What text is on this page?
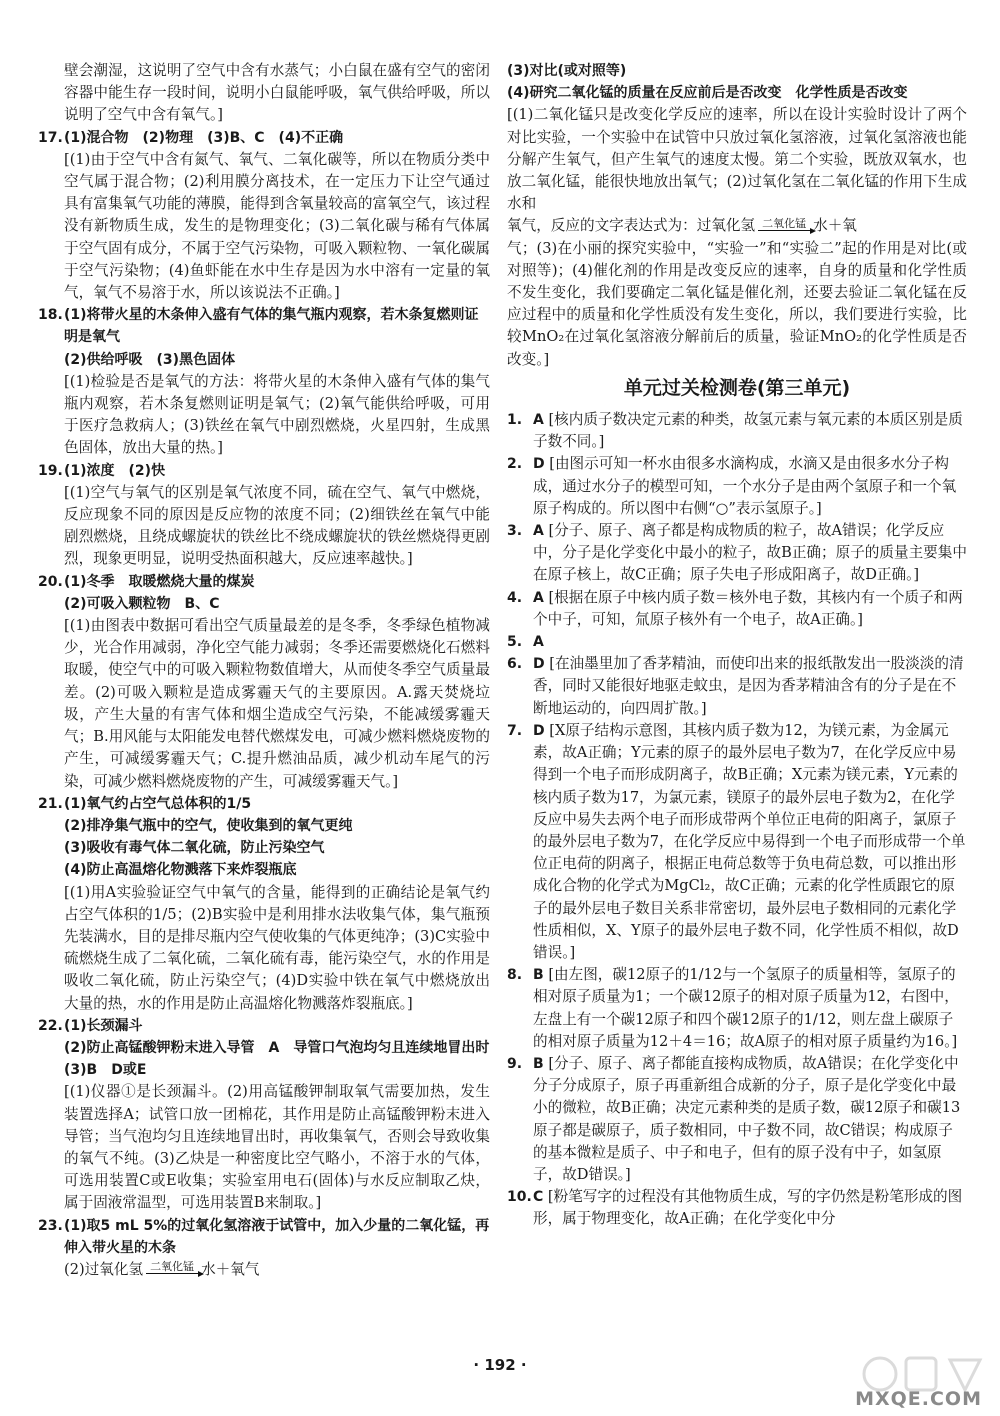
壁会潮湿，这说明了空气中含有水蒸气；小白鼠在盛有空气的密闭容器中能生存一段时间，说明小白鼠能呼吸，氧气供给呼吸，所以说明了空气中含有氧气。]

17. (1)混合物　(2)物理　(3)B、C　(4)不正确

[(1)由于空气中含有氮气、氧气、二氧化碳等，所以在物质分类中空气属于混合物；(2)利用膜分离技术，在一定压力下让空气通过具有富集氧气功能的薄膜，能得到含氧量较高的富氧空气，该过程没有新物质生成，发生的是物理变化；(3)二氧化碳与稀有气体属于空气固有成分，不属于空气污染物，可吸入颗粒物、一氧化碳属于空气污染物；(4)鱼虾能在水中生存是因为水中溶有一定量的氧气，氧气不易溶于水，所以该说法不正确。]

18. (1)将带火星的木条伸入盛有气体的集气瓶内观察，若木条复燃则证明是氧气
(2)供给呼吸　(3)黑色固体

[(1)检验是否是氧气的方法：将带火星的木条伸入盛有气体的集气瓶内观察，若木条复燃则证明是氧气；(2)氧气能供给呼吸，可用于医疗急救病人；(3)铁丝在氧气中剧烈燃烧，火星四射，生成黑色固体，放出大量的热。]

19. (1)浓度　(2)快

[(1)空气与氧气的区别是氧气浓度不同，硫在空气、氧气中燃烧，反应现象不同的原因是反应物的浓度不同；(2)细铁丝在氧气中能剧烈燃烧，且绕成螺旋状的铁丝比不绕成螺旋状的铁丝燃烧得更剧烈，现象更明显，说明受热面积越大，反应速率越快。]

20. (1)冬季　取暖燃烧大量的煤炭
(2)可吸入颗粒物　B、C

[(1)由图表中数据可看出空气质量最差的是冬季，冬季绿色植物减少，光合作用减弱，净化空气能力减弱；冬季还需要燃烧化石燃料取暖，使空气中的可吸入颗粒物数值增大，从而使冬季空气质量最差。(2)可吸入颗粒是造成雾霾天气的主要原因。A.露天焚烧垃圾，产生大量的有害气体和烟尘造成空气污染，不能减缓雾霾天气；B.用风能与太阳能发电替代燃煤发电，可减少燃料燃烧废物的产生，可减缓雾霾天气；C.提升燃油品质，减少机动车尾气的污染，可减少燃料燃烧废物的产生，可减缓雾霾天气。]

21. (1)氧气约占空气总体积的1/5
(2)排净集气瓶中的空气，使收集到的氧气更纯
(3)吸收有毒气体二氧化硫，防止污染空气
(4)防止高温熔化物溅落下来炸裂瓶底

[(1)用A实验验证空气中氧气的含量，能得到的正确结论是氧气约占空气体积的1/5；(2)B实验中是利用排水法收集气体，集气瓶预先装满水，目的是排尽瓶内空气使收集的气体更纯净；(3)C实验中硫燃烧生成了二氧化硫，二氧化硫有毒，能污染空气，水的作用是吸收二氧化硫，防止污染空气；(4)D实验中铁在氧气中燃烧放出大量的热，水的作用是防止高温熔化物溅落炸裂瓶底。]

22. (1)长颈漏斗
(2)防止高锰酸钾粉末进入导管　A　导管口气泡均匀且连续地冒出时
(3)B　D或E

[(1)仪器①是长颈漏斗。(2)用高锰酸钾制取氧气需要加热，发生装置选择A；试管口放一团棉花，其作用是防止高锰酸钾粉末进入导管；当气泡均匀且连续地冒出时，再收集氧气，否则会导致收集的氧气不纯。(3)乙炔是一种密度比空气略小，不溶于水的气体，可选用装置C或E收集；实验室用电石(固体)与水反应制取乙炔，属于固液常温型，可选用装置B来制取。]

23. (1)取5 mL 5%的过氧化氢溶液于试管中，加入少量的二氧化锰，再伸入带火星的木条
(2)过氧化氢 二氧化锰 水＋氧气
(3)对比(或对照等)
(4)研究二氧化锰的质量在反应前后是否改变　化学性质是否改变

[(1)二氧化锰只是改变化学反应的速率，所以在设计实验时设计了两个对比实验，一个实验中在试管中只放过氧化氢溶液，过氧化氢溶液也能分解产生氧气，但产生氧气的速度太慢。第二个实验，既放双氧水，也放二氧化锰，能很快地放出氧气；(2)过氧化氢在二氧化锰的作用下生成水和

氧气，反应的文字表达式为：过氧化氢 二氧化锰 水＋氧

气；(3)在小丽的探究实验中，“实验一”和“实验二”起的作用是对比(或对照等)；(4)催化剂的作用是改变反应的速率，自身的质量和化学性质不发生变化，我们要确定二氧化锰是催化剂，还要去验证二氧化锰在反应过程中的质量和化学性质没有发生变化，所以，我们要进行实验，比较MnO₂在过氧化氢溶液分解前后的质量，验证MnO₂的化学性质是否改变。]

单元过关检测卷(第三单元)
1. A [核内质子数决定元素的种类，故氢元素与氧元素的本质区别是质子数不同。]
2. D [由图示可知一杯水由很多水滴构成，水滴又是由很多水分子构成，通过水分子的模型可知，一个水分子是由两个氢原子和一个氧原子构成的。所以图中右侧“○”表示氢原子。]
3. A [分子、原子、离子都是构成物质的粒子，故A错误；化学反应中，分子是化学变化中最小的粒子，故B正确；原子的质量主要集中在原子核上，故C正确；原子失电子形成阳离子，故D正确。]
4. A [根据在原子中核内质子数＝核外电子数，其核内有一个质子和两个中子，可知，氚原子核外有一个电子，故A正确。]
5. A
6. D [在油墨里加了香茅精油，而使印出来的报纸散发出一股淡淡的清香，同时又能很好地驱走蚊虫，是因为香茅精油含有的分子是在不断地运动的，向四周扩散。]
7. D [X原子结构示意图，其核内质子数为12，为镁元素，为金属元素，故A正确；Y元素的原子的最外层电子数为7，在化学反应中易得到一个电子而形成阴离子，故B正确；X元素为镁元素，Y元素的核内质子数为17，为氯元素，镁原子的最外层电子数为2，在化学反应中易失去两个电子而形成带两个单位正电荷的阳离子，氯原子的最外层电子数为7，在化学反应中易得到一个电子而形成带一个单位正电荷的阴离子，根据正电荷总数等于负电荷总数，可以推出形成化合物的化学式为MgCl₂，故C正确；元素的化学性质跟它的原子的最外层电子数目关系非常密切，最外层电子数相同的元素化学性质相似，X、Y原子的最外层电子数不同，化学性质不相似，故D错误。]
8. B [由左图，碳12原子的1/12与一个氢原子的质量相等，氢原子的相对原子质量为1；一个碳12原子的相对原子质量为12，右图中，左盘上有一个碳12原子和四个碳12原子的1/12，则左盘上碳原子的相对原子质量为12＋4＝16；故A原子的相对原子质量约为16。]
9. B [分子、原子、离子都能直接构成物质，故A错误；在化学变化中分子分成原子，原子再重新组合成新的分子，原子是化学变化中最小的微粒，故B正确；决定元素种类的是质子数，碳12原子和碳13原子都是碳原子，质子数相同，中子数不同，故C错误；构成原子的基本微粒是质子、中子和电子，但有的原子没有中子，如氢原子，故D错误。]
10. C [粉笔写字的过程没有其他物质生成，写的字仍然是粉笔形成的图形，属于物理变化，故A正确；在化学变化中分
· 192 ·
MXQE.COM
